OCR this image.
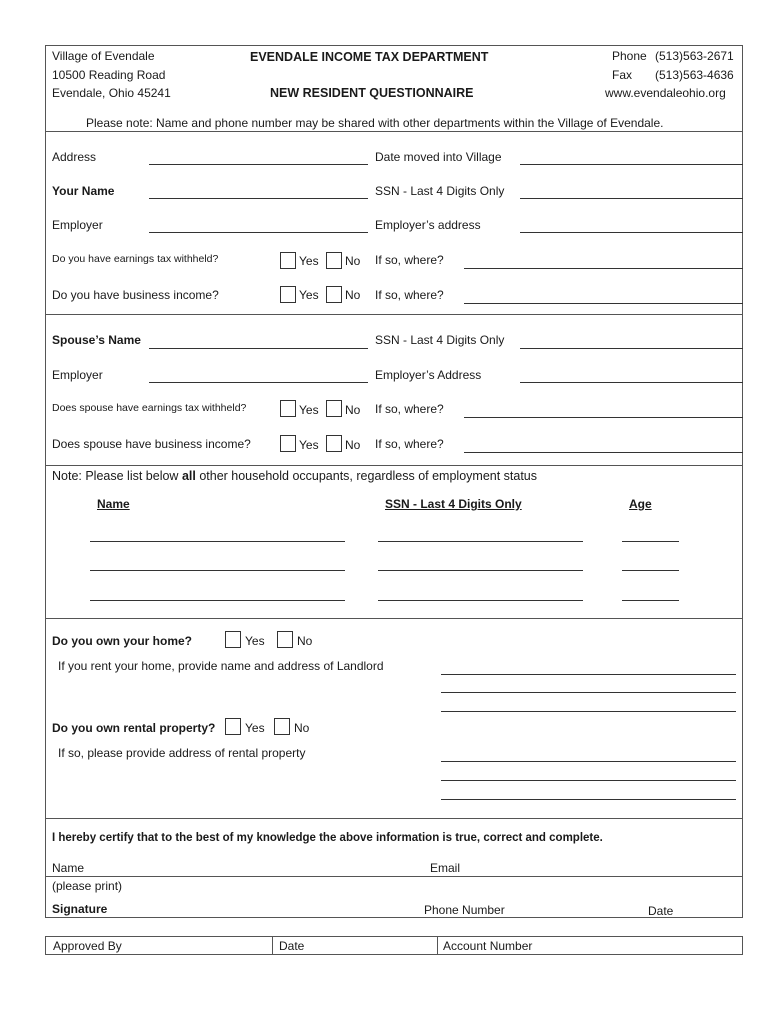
Village of Evendale
10500 Reading Road
Evendale, Ohio 45241
EVENDALE INCOME TAX DEPARTMENT
NEW RESIDENT QUESTIONNAIRE
Phone (513)563-2671
Fax (513)563-4636
www.evendaleohio.org
Please note: Name and phone number may be shared with other departments within the Village of Evendale.
Address	Date moved into Village
Your Name	SSN - Last 4 Digits Only
Employer	Employer’s address
Do you have earnings tax withheld?	Yes No If so, where?
Do you have business income?	Yes No If so, where?
Spouse’s Name	SSN - Last 4 Digits Only
Employer	Employer’s Address
Does spouse have earnings tax withheld?	Yes No If so, where?
Does spouse have business income?	Yes No If so, where?
Note: Please list below all other household occupants, regardless of employment status
Name	SSN - Last 4 Digits Only	Age
Do you own your home?	Yes	No
If you rent your home, provide name and address of Landlord
Do you own rental property? Yes No
If so, please provide address of rental property
I hereby certify that to the best of my knowledge the above information is true, correct and complete.
Name	Email
(please print)
Signature	Phone Number	Date
Approved By	Date	Account Number
